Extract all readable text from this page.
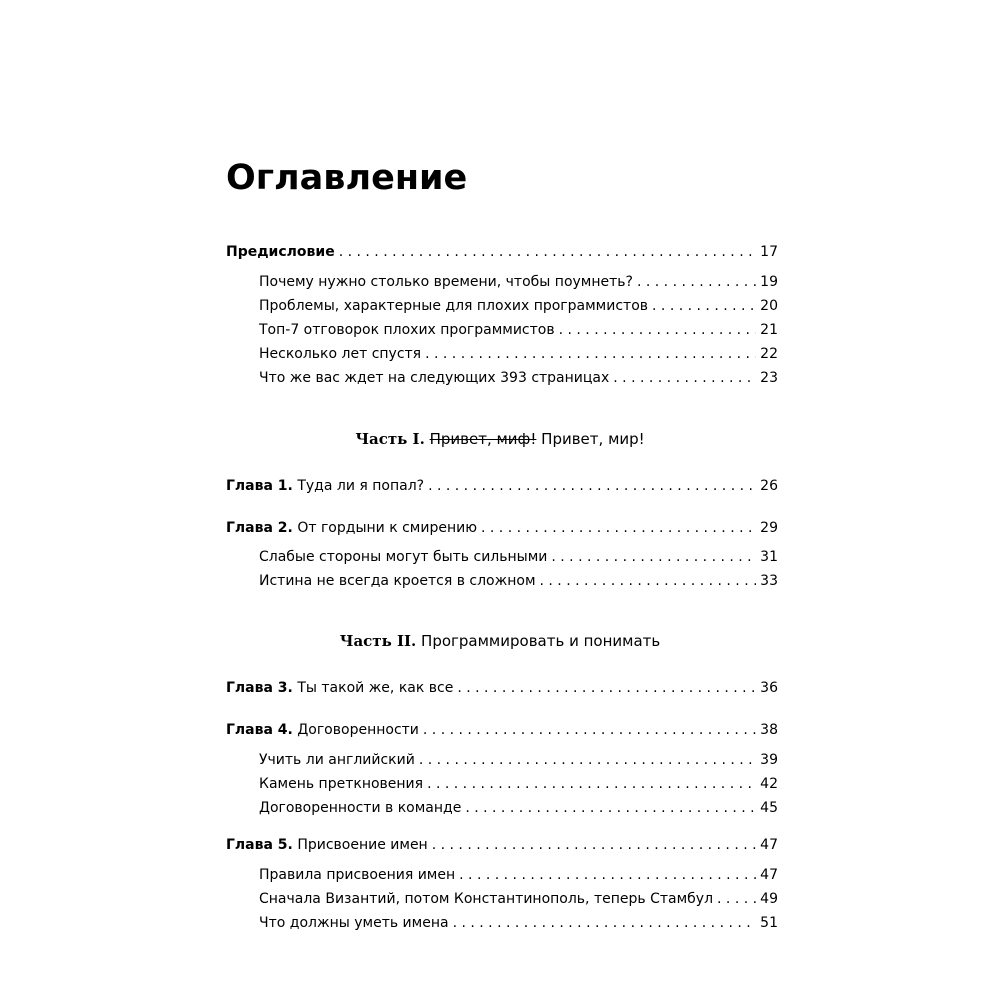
Оглавление
Предисловие . . .	17
Почему нужно столько времени, чтобы поумнеть? . . .	19
Проблемы, характерные для плохих программистов . . .	20
Топ-7 отговорок плохих программистов . . .	21
Несколько лет спустя . . .	22
Что же вас ждет на следующих 393 страницах . . .	23
Часть I. Привет, миф! Привет, мир!
Глава 1. Туда ли я попал? . . .	26
Глава 2. От гордыни к смирению . . .	29
Слабые стороны могут быть сильными . . .	31
Истина не всегда кроется в сложном . . .	33
Часть II. Программировать и понимать
Глава 3. Ты такой же, как все . . .	36
Глава 4. Договоренности . . .	38
Учить ли английский . . .	39
Камень преткновения . . .	42
Договоренности в команде . . .	45
Глава 5. Присвоение имен . . .	47
Правила присвоения имен . . .	47
Сначала Византий, потом Константинополь, теперь Стамбул . . .	49
Что должны уметь имена . . .	51
